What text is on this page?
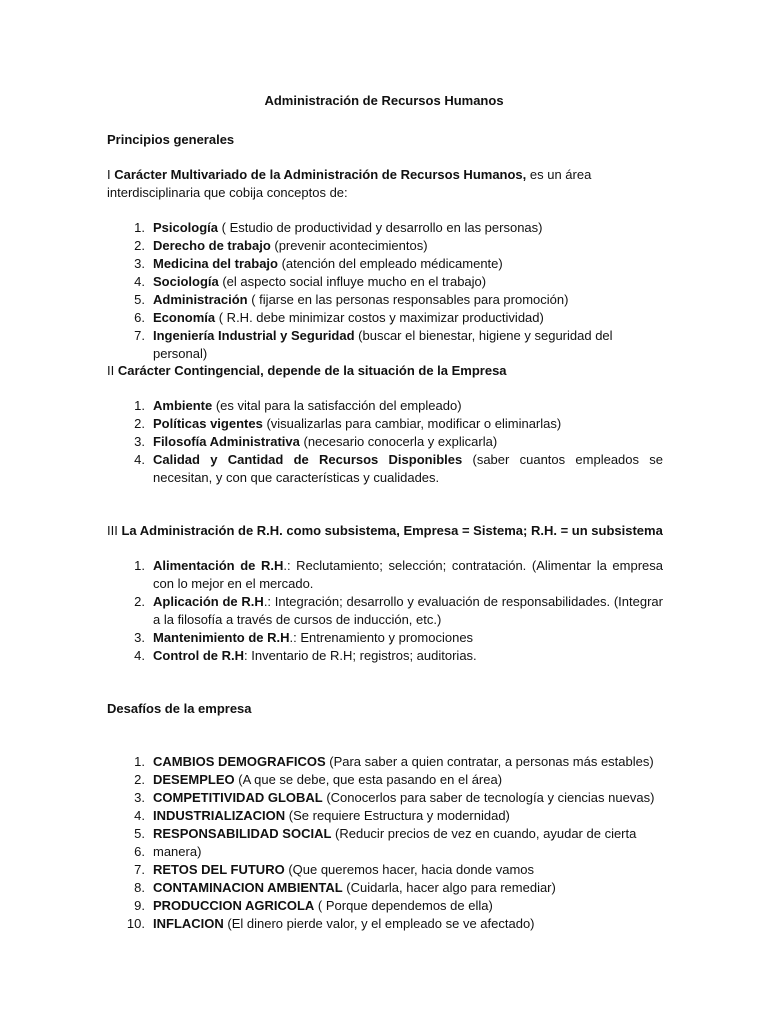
Administración de Recursos Humanos
Principios generales
I Carácter Multivariado de la Administración de Recursos Humanos, es un área interdisciplinaria que cobija conceptos de:
1. Psicología ( Estudio de productividad y desarrollo en las personas)
2. Derecho de trabajo (prevenir acontecimientos)
3. Medicina del trabajo (atención del empleado médicamente)
4. Sociología (el aspecto social influye mucho en el trabajo)
5. Administración ( fijarse en las personas responsables para promoción)
6. Economía ( R.H. debe minimizar costos y maximizar productividad)
7. Ingeniería Industrial y Seguridad (buscar el bienestar, higiene y seguridad del personal)
II Carácter Contingencial, depende de la situación de la Empresa
1. Ambiente (es vital para la satisfacción del empleado)
2. Políticas vigentes (visualizarlas para cambiar, modificar o eliminarlas)
3. Filosofía Administrativa (necesario conocerla y explicarla)
4. Calidad y Cantidad de Recursos Disponibles (saber cuantos empleados se necesitan, y con que características y cualidades.
III La Administración de R.H. como subsistema, Empresa = Sistema; R.H. = un subsistema
1. Alimentación de R.H.: Reclutamiento; selección; contratación. (Alimentar la empresa con lo mejor en el mercado.
2. Aplicación de R.H.: Integración; desarrollo y evaluación de responsabilidades. (Integrar a la filosofía a través de cursos de inducción, etc.)
3. Mantenimiento de R.H.: Entrenamiento y promociones
4. Control de R.H: Inventario de R.H; registros; auditorias.
Desafíos de la empresa
1. CAMBIOS DEMOGRAFICOS (Para saber a quien contratar, a personas más estables)
2. DESEMPLEO (A que se debe, que esta pasando en el área)
3. COMPETITIVIDAD GLOBAL (Conocerlos para saber de tecnología y ciencias nuevas)
4. INDUSTRIALIZACION (Se requiere Estructura y modernidad)
5. RESPONSABILIDAD SOCIAL (Reducir precios de vez en cuando, ayudar de cierta
6. manera)
7. RETOS DEL FUTURO (Que queremos hacer, hacia donde vamos
8. CONTAMINACION AMBIENTAL (Cuidarla, hacer algo para remediar)
9. PRODUCCION AGRICOLA ( Porque dependemos de ella)
10. INFLACION (El dinero pierde valor, y el empleado se ve afectado)
